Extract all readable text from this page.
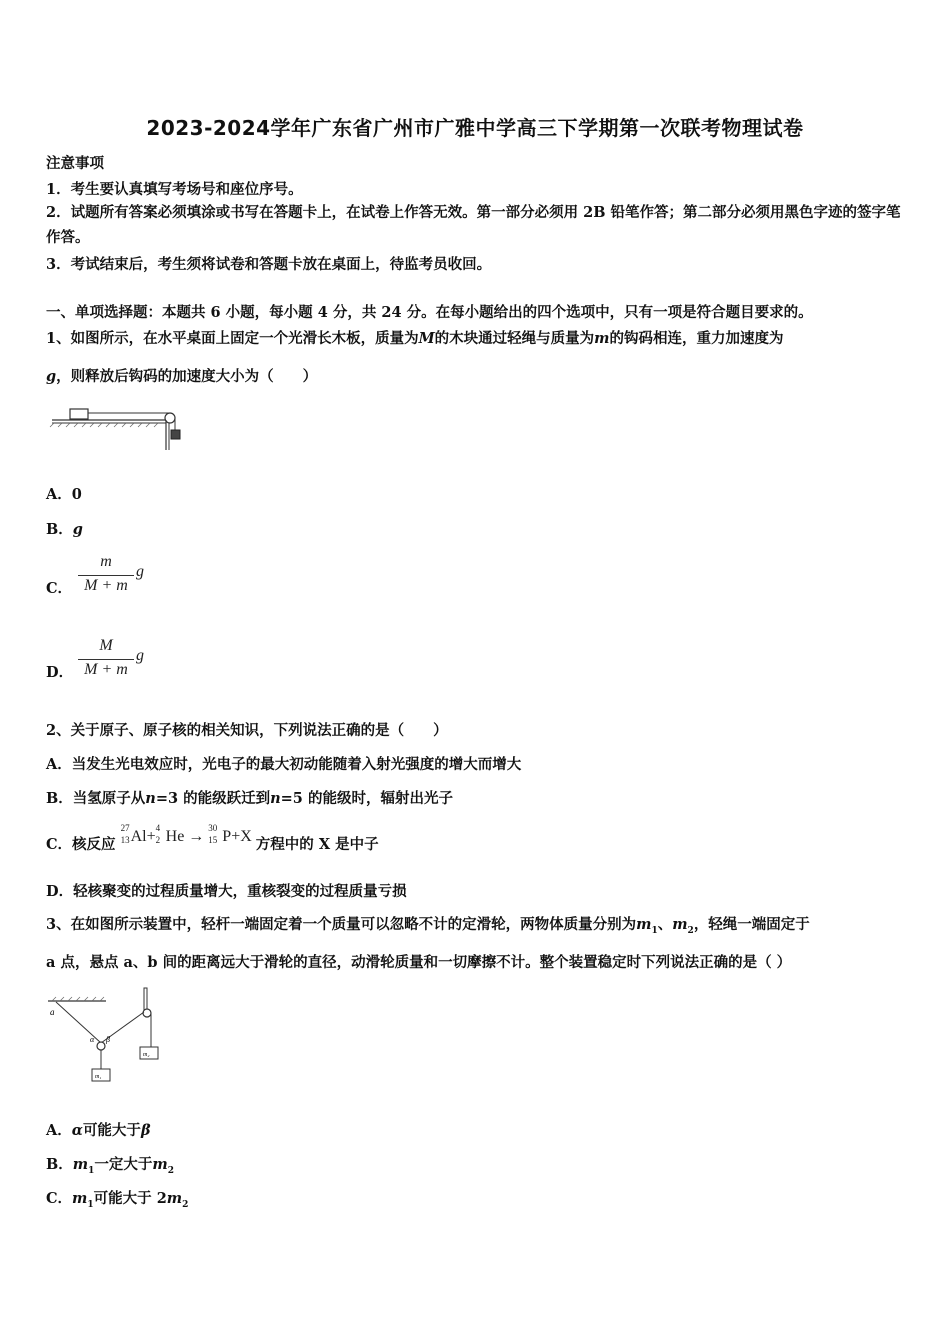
2023-2024学年广东省广州市广雅中学高三下学期第一次联考物理试卷
注意事项
1．考生要认真填写考场号和座位序号。
2．试题所有答案必须填涂或书写在答题卡上，在试卷上作答无效。第一部分必须用 2B 铅笔作答；第二部分必须用黑色字迹的签字笔作答。
3．考试结束后，考生须将试卷和答题卡放在桌面上，待监考员收回。
一、单项选择题：本题共 6 小题，每小题 4 分，共 24 分。在每小题给出的四个选项中，只有一项是符合题目要求的。
1、如图所示，在水平桌面上固定一个光滑长木板，质量为M的木块通过轻绳与质量为m的钩码相连，重力加速度为
g，则释放后钩码的加速度大小为（　　）
A．0
B．g
C．
m
M + m
g
D．
M
M + m
g
2、关于原子、原子核的相关知识，下列说法正确的是（　　）
A．当发生光电效应时，光电子的最大初动能随着入射光强度的增大而增大
B．当氢原子从n=3 的能级跃迁到n=5 的能级时，辐射出光子
C．核反应
27
13 Al+ 4
2 He → 30
15 P+X 方程中的 X 是中子
D．轻核聚变的过程质量增大，重核裂变的过程质量亏损
3、在如图所示装置中，轻杆一端固定着一个质量可以忽略不计的定滑轮，两物体质量分别为$m_1$、$m_2$，轻绳一端固定于
a 点，悬点 a、b 间的距离远大于滑轮的直径，动滑轮质量和一切摩擦不计。整个装置稳定时下列说法正确的是（ ）
a
α β
m₁
m₂
A．α可能大于β
B．$m_1$一定大于$m_2$
C．$m_1$可能大于 $2m_2$
